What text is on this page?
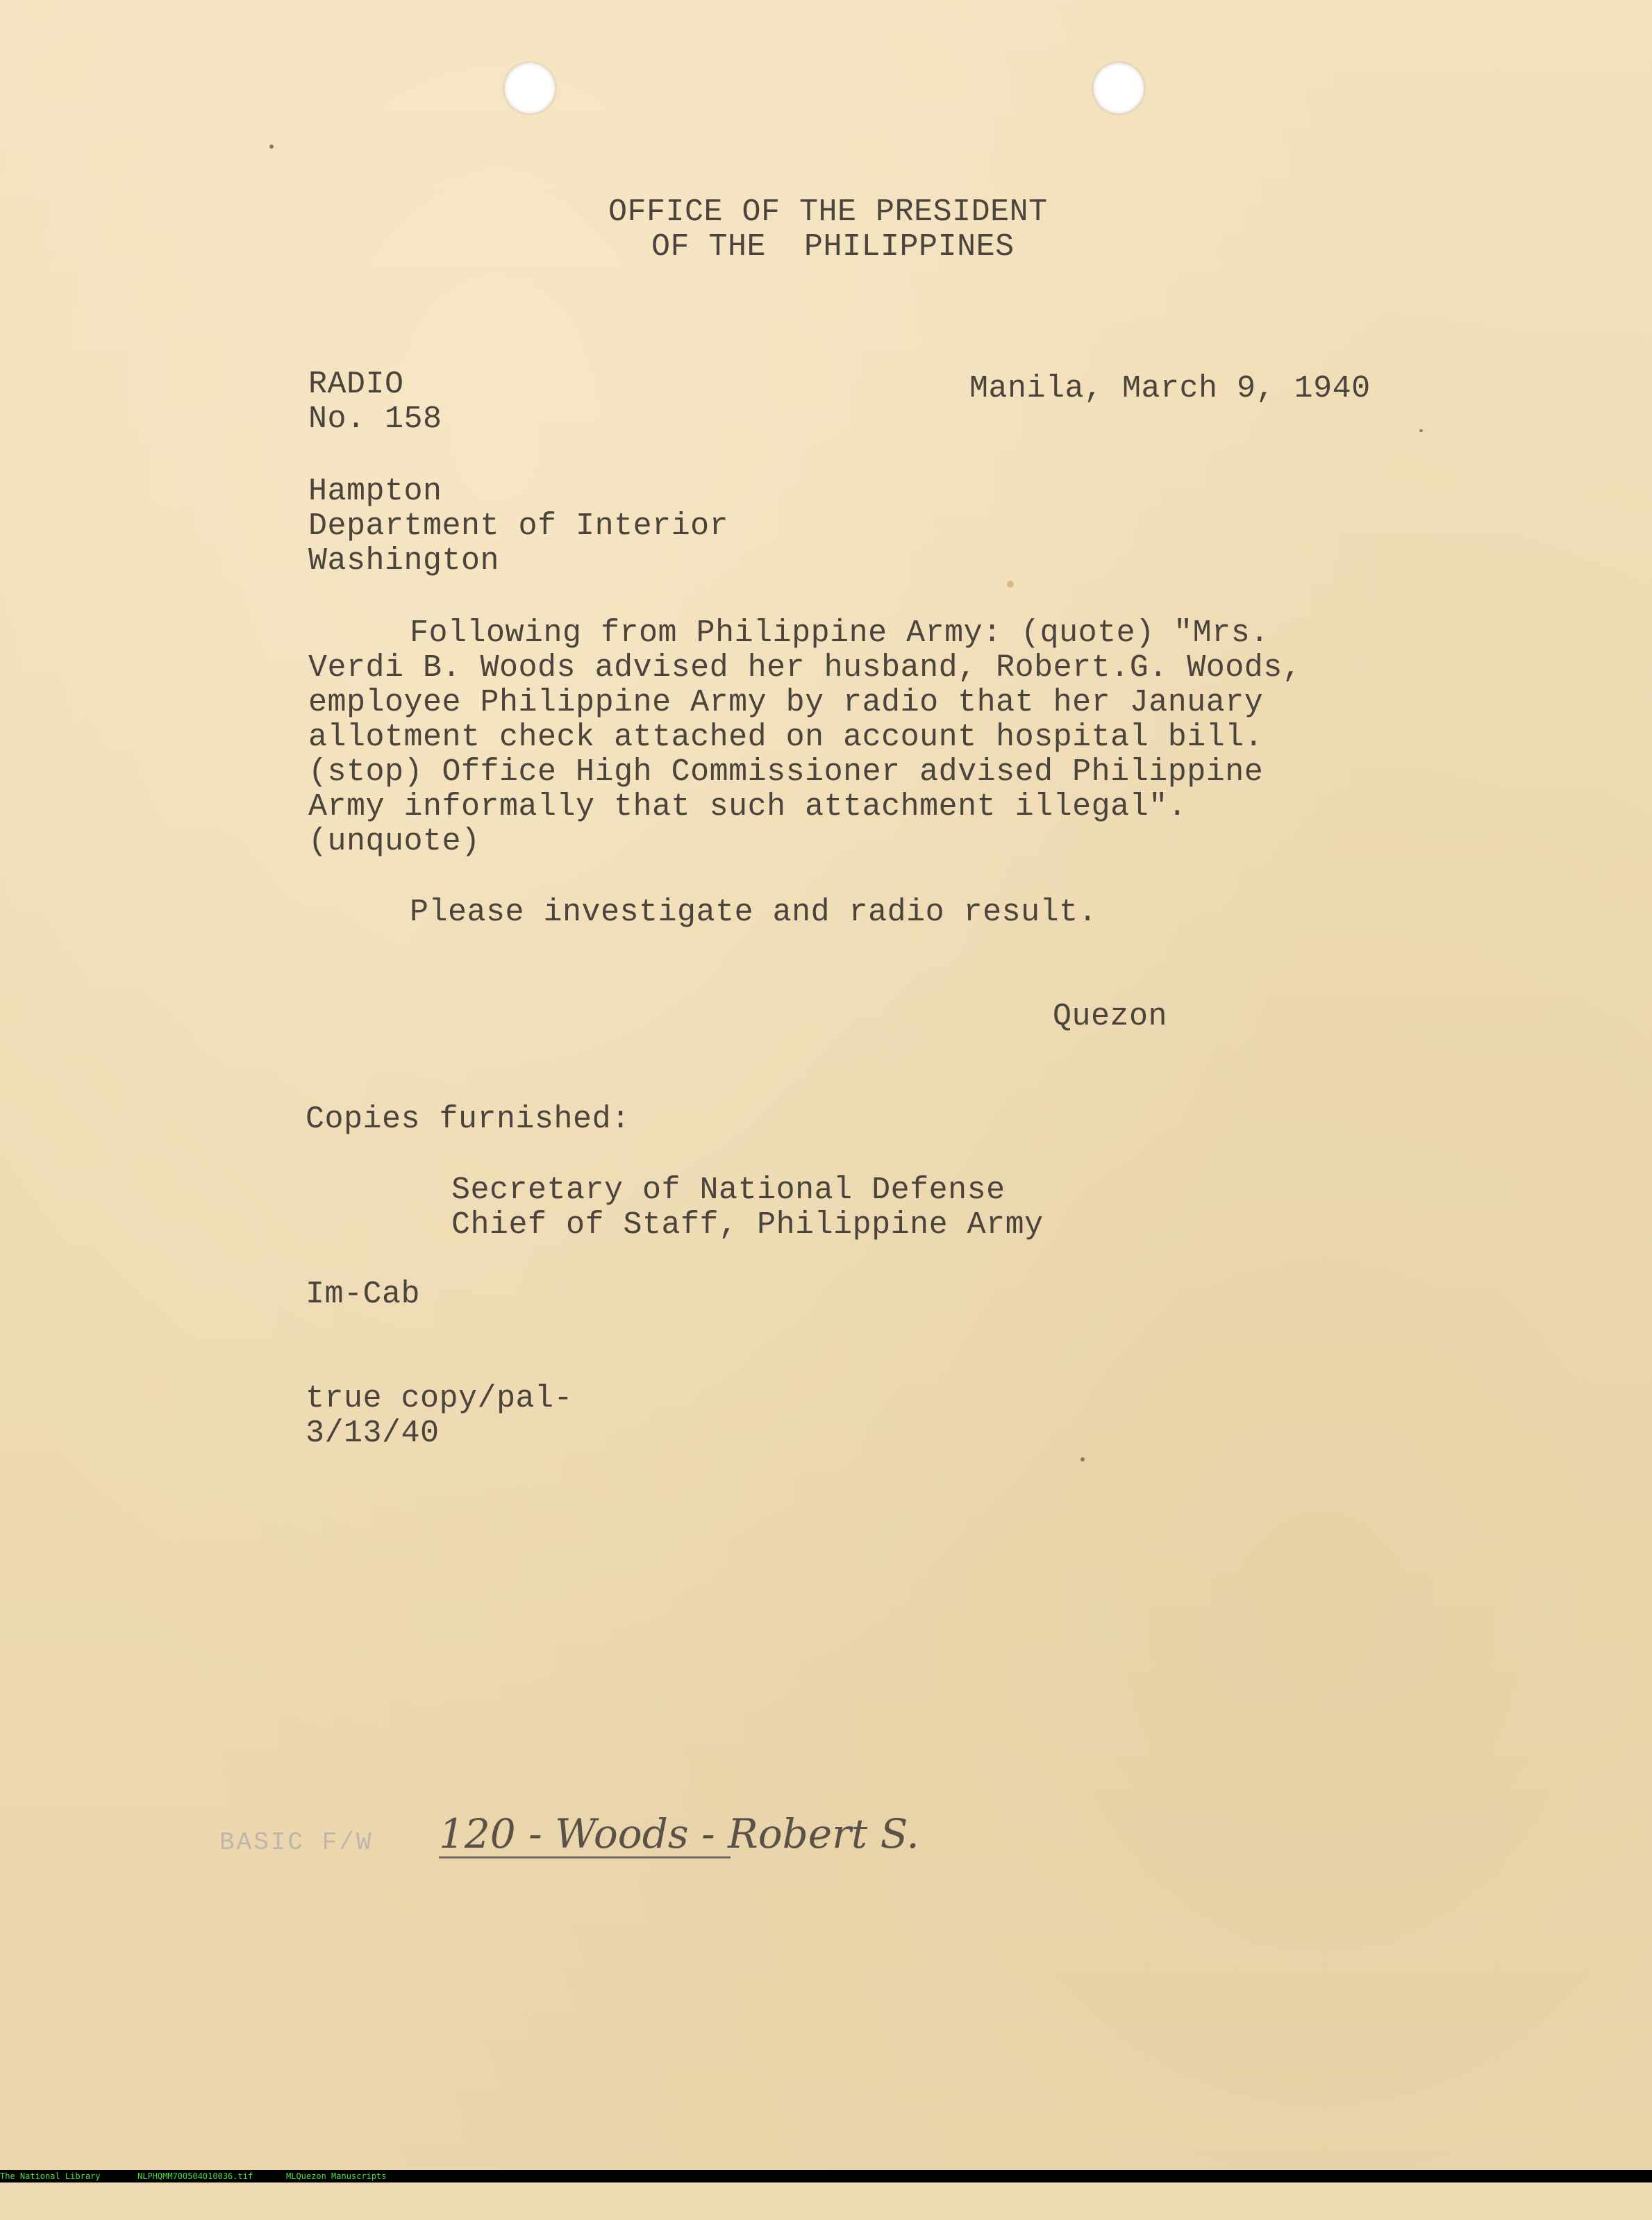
OFFICE OF THE PRESIDENT
OF THE  PHILIPPINES
RADIO
No. 158
Manila, March 9, 1940
Hampton
Department of Interior
Washington
Following from Philippine Army: (quote) "Mrs.
Verdi B. Woods advised her husband, Robert.G. Woods,
employee Philippine Army by radio that her January
allotment check attached on account hospital bill.
(stop) Office High Commissioner advised Philippine
Army informally that such attachment illegal".
(unquote)
Please investigate and radio result.
Quezon
Copies furnished:
Secretary of National Defense
Chief of Staff, Philippine Army
Im-Cab
true copy/pal-
3/13/40
BASIC F/W 120 - Woods - Robert S.

The National Library

	NLPHQMM700504010036.tif

	MLQuezon Manuscripts
